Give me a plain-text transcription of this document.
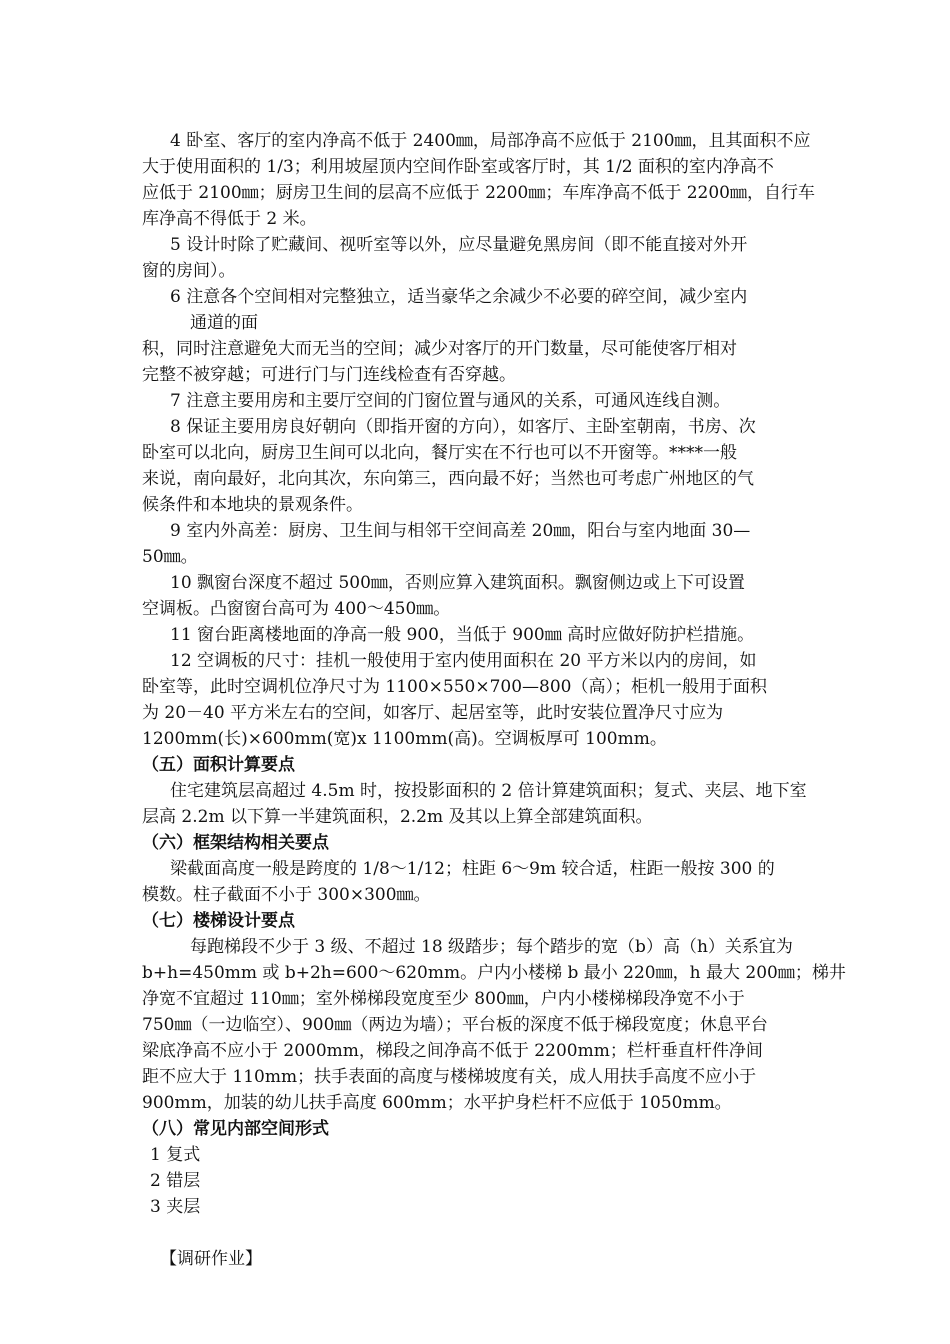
4 卧室、客厅的室内净高不低于 2400㎜，局部净高不应低于 2100㎜，且其面积不应
大于使用面积的 1/3；利用坡屋顶内空间作卧室或客厅时，其 1/2 面积的室内净高不
应低于 2100㎜；厨房卫生间的层高不应低于 2200㎜；车库净高不低于 2200㎜，自行车
库净高不得低于 2 米。
5 设计时除了贮藏间、视听室等以外，应尽量避免黑房间（即不能直接对外开
窗的房间）。
6 注意各个空间相对完整独立，适当豪华之余减少不必要的碎空间，减少室内
通道的面
积，同时注意避免大而无当的空间；减少对客厅的开门数量，尽可能使客厅相对
完整不被穿越；可进行门与门连线检查有否穿越。
7 注意主要用房和主要厅空间的门窗位置与通风的关系，可通风连线自测。
8 保证主要用房良好朝向（即指开窗的方向），如客厅、主卧室朝南，书房、次
卧室可以北向，厨房卫生间可以北向，餐厅实在不行也可以不开窗等。****一般
来说，南向最好，北向其次，东向第三，西向最不好；当然也可考虑广州地区的气
候条件和本地块的景观条件。
9 室内外高差：厨房、卫生间与相邻干空间高差 20㎜，阳台与室内地面 30—
50㎜。
10 飘窗台深度不超过 500㎜，否则应算入建筑面积。飘窗侧边或上下可设置
空调板。凸窗窗台高可为 400～450㎜。
11 窗台距离楼地面的净高一般 900，当低于 900㎜ 高时应做好防护栏措施。
12 空调板的尺寸：挂机一般使用于室内使用面积在 20 平方米以内的房间，如
卧室等，此时空调机位净尺寸为 1100×550×700—800（高）；柜机一般用于面积
为 20－40 平方米左右的空间，如客厅、起居室等，此时安装位置净尺寸应为
1200mm(长)×600mm(宽)x 1100mm(高)。空调板厚可 100mm。
（五）面积计算要点
住宅建筑层高超过 4.5m 时，按投影面积的 2 倍计算建筑面积；复式、夹层、地下室
层高 2.2m 以下算一半建筑面积，2.2m 及其以上算全部建筑面积。
（六）框架结构相关要点
梁截面高度一般是跨度的 1/8～1/12；柱距 6～9m 较合适，柱距一般按 300 的
模数。柱子截面不小于 300×300㎜。
（七）楼梯设计要点
每跑梯段不少于 3 级、不超过 18 级踏步；每个踏步的宽（b）高（h）关系宜为
b+h=450mm 或 b+2h=600～620mm。户内小楼梯 b 最小 220㎜，h 最大 200㎜；梯井
净宽不宜超过 110㎜；室外梯梯段宽度至少 800㎜，户内小楼梯梯段净宽不小于
750㎜（一边临空）、900㎜（两边为墙）；平台板的深度不低于梯段宽度；休息平台
梁底净高不应小于 2000mm，梯段之间净高不低于 2200mm；栏杆垂直杆件净间
距不应大于 110mm；扶手表面的高度与楼梯坡度有关，成人用扶手高度不应小于
900mm，加装的幼儿扶手高度 600mm；水平护身栏杆不应低于 1050mm。
（八）常见内部空间形式
1 复式
2 错层
3 夹层
【调研作业】
